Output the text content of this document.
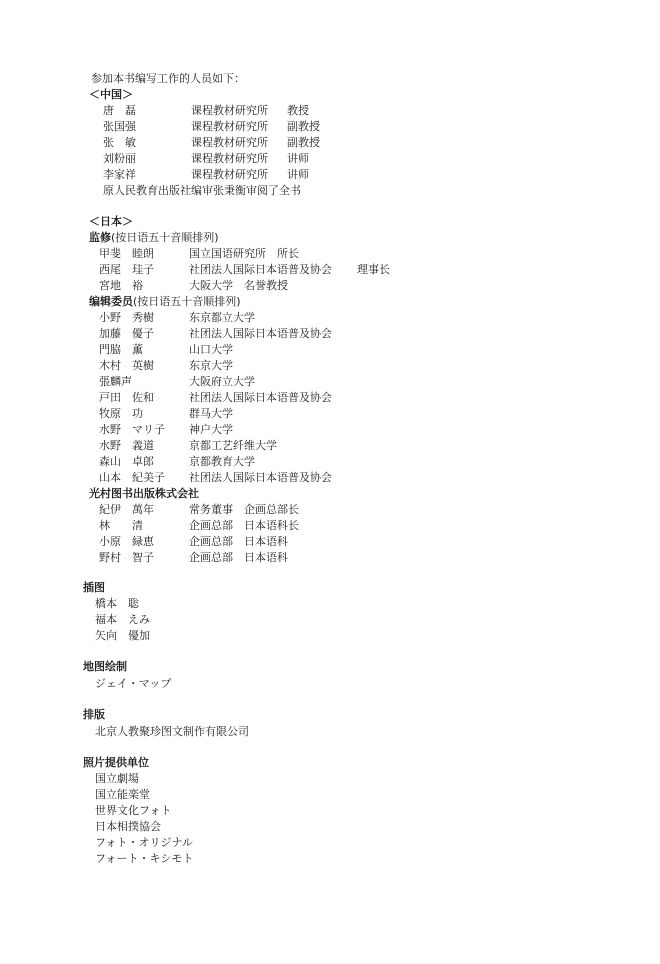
参加本书编写工作的人员如下：
＜中国＞
唐　磊	课程教材研究所 教授
张国强	课程教材研究所 副教授
张　敏	课程教材研究所 副教授
刘粉丽	课程教材研究所 讲师
李家祥	课程教材研究所 讲师
原人民教育出版社编审张秉衡审阅了全书
＜日本＞
监修(按日语五十音顺排列)
甲斐　睦朗	国立国语研究所　所长
西尾　珪子	社团法人国际日本语普及协会 理事长
宮地　裕	大阪大学　名誉教授
编辑委员(按日语五十音顺排列)
小野　秀樹	东京都立大学
加藤　優子	社团法人国际日本语普及协会
門脇　薫	山口大学
木村　英樹	东京大学
張麟声	大阪府立大学
戸田　佐和	社团法人国际日本语普及协会
牧原　功	群马大学
水野　マリ子 神户大学
水野　義道	京都工艺纤维大学
森山　卓郎	京都教育大学
山本　紀美子 社团法人国际日本语普及协会
光村图书出版株式会社
紀伊　萬年	常务董事　企画总部长
林　　清	企画总部　日本语科长
小原　緑恵	企画总部　日本语科
野村　智子	企画总部　日本语科
插图
橋本　聡
福本　えみ
矢向　優加
地图绘制
ジェイ・マップ
排版
北京人教聚珍图文制作有限公司
照片提供单位
国立劇場
国立能楽堂
世界文化フォト
日本相撲協会
フォト・オリジナル
フォート・キシモト
